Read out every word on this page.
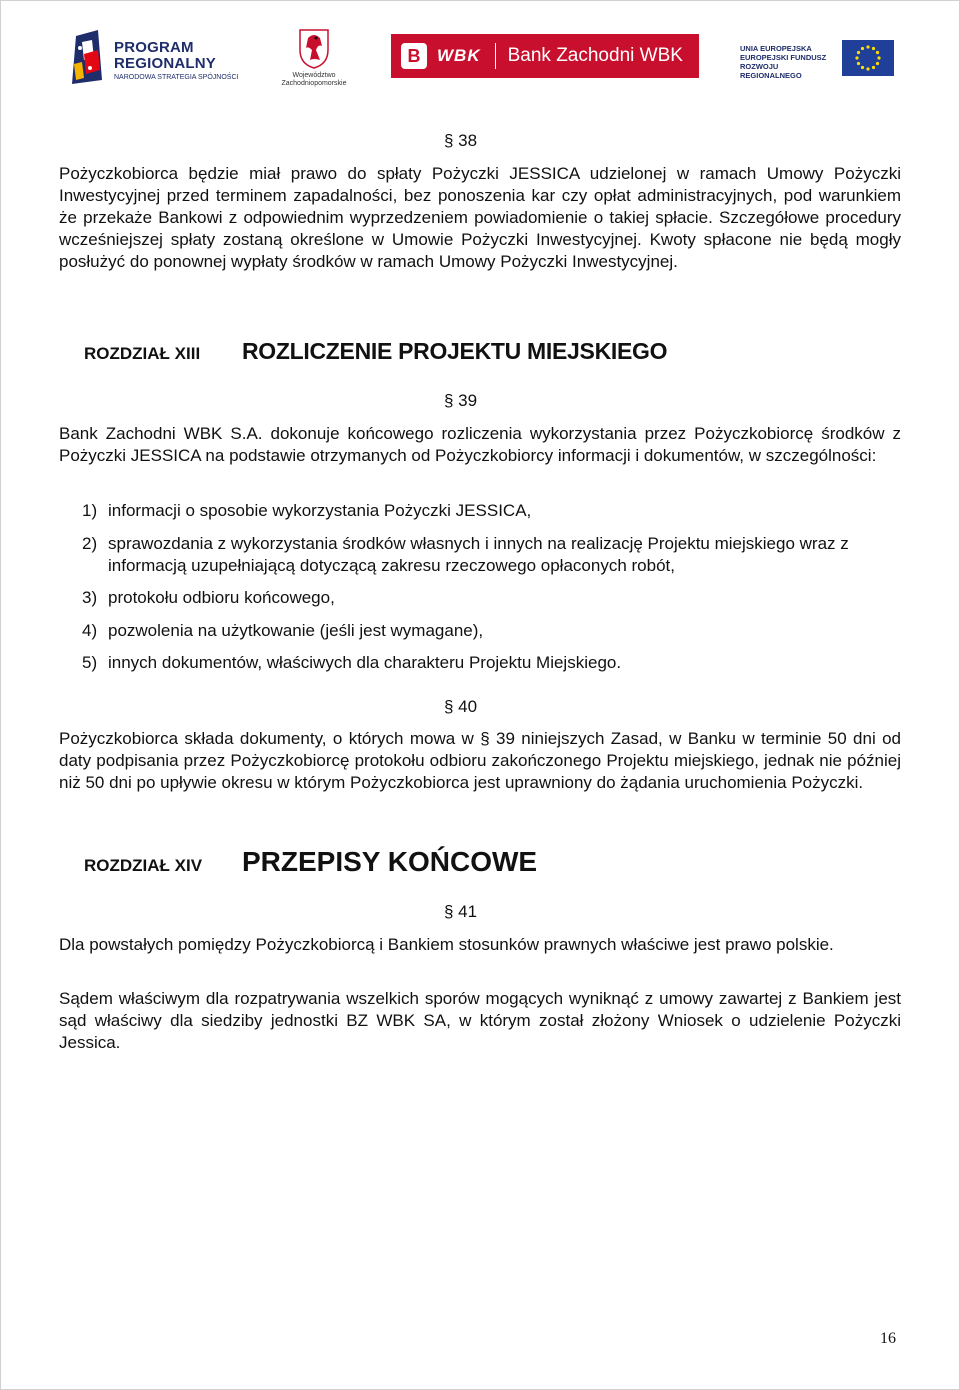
PROGRAM
REGIONALNY
NARODOWA STRATEGIA SPÓJNOŚCI	Województwo
Zachodniopomorskie
B WBK Bank Zachodni WBK	UNIA EUROPEJSKA
EUROPEJSKI FUNDUSZ
ROZWOJU REGIONALNEGO
§ 38

Pożyczkobiorca będzie miał prawo do spłaty Pożyczki JESSICA udzielonej w ramach Umowy Pożyczki Inwestycyjnej przed terminem zapadalności, bez ponoszenia kar czy opłat administracyjnych, pod warunkiem że przekaże Bankowi z odpowiednim wyprzedzeniem powiadomienie o takiej spłacie. Szczegółowe procedury wcześniejszej spłaty zostaną określone w Umowie Pożyczki Inwestycyjnej. Kwoty spłacone nie będą mogły posłużyć do ponownej wypłaty środków w ramach Umowy Pożyczki Inwestycyjnej.

ROZDZIAŁ XIII ROZLICZENIE PROJEKTU MIEJSKIEGO
§ 39

Bank Zachodni WBK S.A. dokonuje końcowego rozliczenia wykorzystania przez Pożyczkobiorcę środków z Pożyczki JESSICA na podstawie otrzymanych od Pożyczkobiorcy informacji i dokumentów, w szczególności:

1) informacji o sposobie wykorzystania Pożyczki JESSICA,
2) sprawozdania z wykorzystania środków własnych i innych na realizację Projektu miejskiego wraz z informacją uzupełniającą dotyczącą zakresu rzeczowego opłaconych robót,
3) protokołu odbioru końcowego,
4) pozwolenia na użytkowanie (jeśli jest wymagane),
5) innych dokumentów, właściwych dla charakteru Projektu Miejskiego.
§ 40

Pożyczkobiorca składa dokumenty, o których mowa w § 39 niniejszych Zasad, w Banku w terminie 50 dni od daty podpisania przez Pożyczkobiorcę protokołu odbioru zakończonego Projektu miejskiego, jednak nie później niż 50 dni po upływie okresu w którym Pożyczkobiorca jest uprawniony do żądania uruchomienia Pożyczki.

ROZDZIAŁ XIV PRZEPISY KOŃCOWE
§ 41

Dla powstałych pomiędzy Pożyczkobiorcą i Bankiem stosunków prawnych właściwe jest prawo polskie.

Sądem właściwym dla rozpatrywania wszelkich sporów mogących wyniknąć z umowy zawartej z Bankiem jest sąd właściwy dla siedziby jednostki BZ WBK SA, w którym został złożony Wniosek o udzielenie Pożyczki Jessica.

16
